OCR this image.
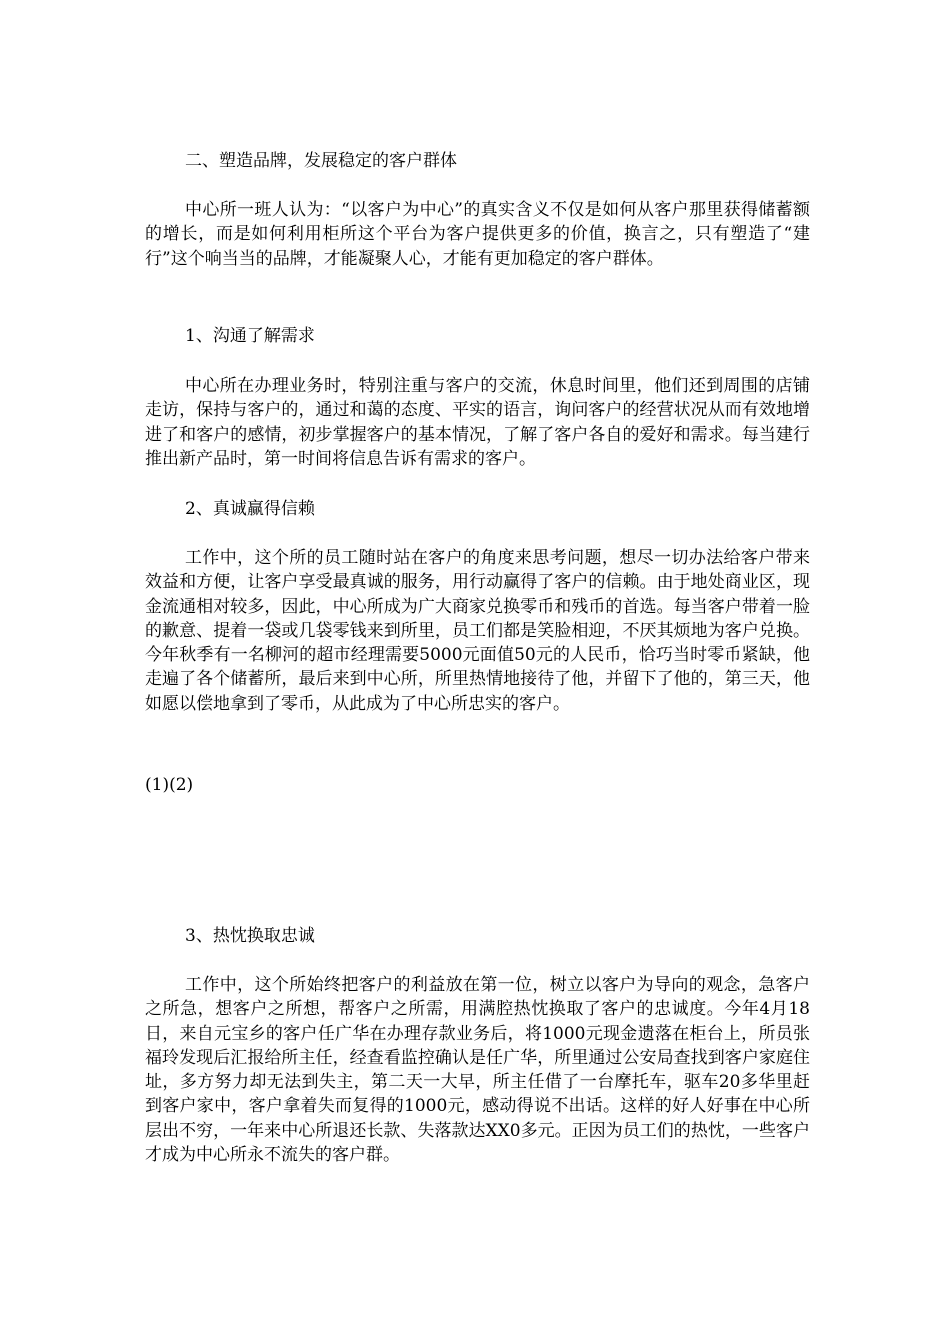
二、塑造品牌，发展稳定的客户群体
中心所一班人认为：“以客户为中心”的真实含义不仅是如何从客户那里获得储蓄额的增长，而是如何利用柜所这个平台为客户提供更多的价值，换言之，只有塑造了“建行”这个响当当的品牌，才能凝聚人心，才能有更加稳定的客户群体。
1、沟通了解需求
中心所在办理业务时，特别注重与客户的交流，休息时间里，他们还到周围的店铺走访，保持与客户的，通过和蔼的态度、平实的语言，询问客户的经营状况从而有效地增进了和客户的感情，初步掌握客户的基本情况，了解了客户各自的爱好和需求。每当建行推出新产品时，第一时间将信息告诉有需求的客户。
2、真诚赢得信赖
工作中，这个所的员工随时站在客户的角度来思考问题，想尽一切办法给客户带来效益和方便，让客户享受最真诚的服务，用行动赢得了客户的信赖。由于地处商业区，现金流通相对较多，因此，中心所成为广大商家兑换零币和残币的首选。每当客户带着一脸的歉意、提着一袋或几袋零钱来到所里，员工们都是笑脸相迎，不厌其烦地为客户兑换。今年秋季有一名柳河的超市经理需要5000元面值50元的人民币，恰巧当时零币紧缺，他走遍了各个储蓄所，最后来到中心所，所里热情地接待了他，并留下了他的，第三天，他如愿以偿地拿到了零币，从此成为了中心所忠实的客户。
(1)(2)
3、热忱换取忠诚
工作中，这个所始终把客户的利益放在第一位，树立以客户为导向的观念，急客户之所急，想客户之所想，帮客户之所需，用满腔热忱换取了客户的忠诚度。今年4月18日，来自元宝乡的客户任广华在办理存款业务后，将1000元现金遗落在柜台上，所员张福玲发现后汇报给所主任，经查看监控确认是任广华，所里通过公安局查找到客户家庭住址，多方努力却无法到失主，第二天一大早，所主任借了一台摩托车，驱车20多华里赶到客户家中，客户拿着失而复得的1000元，感动得说不出话。这样的好人好事在中心所层出不穷，一年来中心所退还长款、失落款达XX0多元。正因为员工们的热忱，一些客户才成为中心所永不流失的客户群。
